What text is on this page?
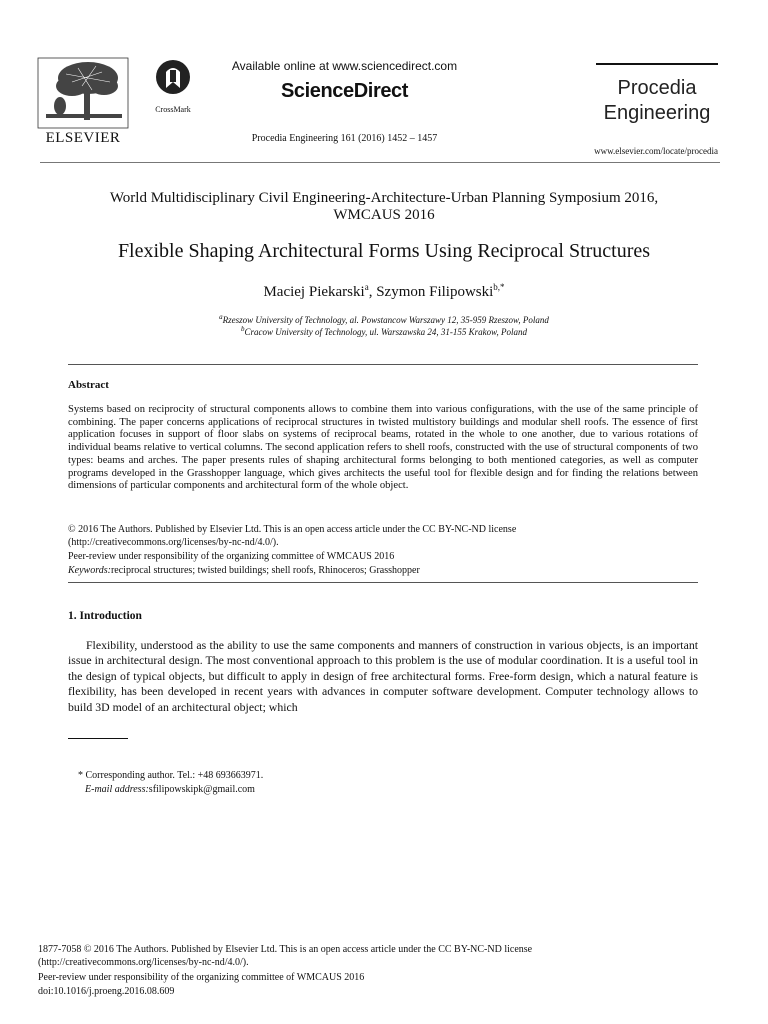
ELSEVIER
CrossMark
Available online at www.sciencedirect.com
ScienceDirect
Procedia Engineering 161 (2016) 1452 – 1457
Procedia
Engineering
www.elsevier.com/locate/procedia
World Multidisciplinary Civil Engineering-Architecture-Urban Planning Symposium 2016,
WMCAUS 2016
Flexible Shaping Architectural Forms Using Reciprocal Structures
Maciej Piekarski$^a$, Szymon Filipowski$^{b,*}$
$^a$Rzeszow University of Technology, al. Powstancow Warszawy 12, 35-959 Rzeszow, Poland
$^b$Cracow University of Technology, ul. Warszawska 24, 31-155 Krakow, Poland
Abstract
Systems based on reciprocity of structural components allows to combine them into various configurations, with the use of the same principle of combining. The paper concerns applications of reciprocal structures in twisted multistory buildings and modular shell roofs. The essence of first application focuses in support of floor slabs on systems of reciprocal beams, rotated in the whole to one another, due to various rotations of individual beams relative to vertical columns. The second application refers to shell roofs, constructed with the use of structural components of two types: beams and arches. The paper presents rules of shaping architectural forms belonging to both mentioned categories, as well as computer programs developed in the Grasshopper language, which gives architects the useful tool for flexible design and for finding the relations between dimensions of particular components and architectural form of the whole object.
© 2016 The Authors. Published by Elsevier Ltd. This is an open access article under the CC BY-NC-ND license
(http://creativecommons.org/licenses/by-nc-nd/4.0/).
Peer-review under responsibility of the organizing committee of WMCAUS 2016
Keywords:reciprocal structures; twisted buildings; shell roofs, Rhinoceros; Grasshopper
1. Introduction
Flexibility, understood as the ability to use the same components and manners of construction in various objects, is an important issue in architectural design. The most conventional approach to this problem is the use of modular coordination. It is a useful tool in the design of typical objects, but difficult to apply in design of free architectural forms. Free-form design, which a natural feature is flexibility, has been developed in recent years with advances in computer software development. Computer technology allows to build 3D model of an architectural object; which
* Corresponding author. Tel.: +48 693663971.
E-mail address:sfilipowskipk@gmail.com
1877-7058 © 2016 The Authors. Published by Elsevier Ltd. This is an open access article under the CC BY-NC-ND license
(http://creativecommons.org/licenses/by-nc-nd/4.0/).
Peer-review under responsibility of the organizing committee of WMCAUS 2016
doi:10.1016/j.proeng.2016.08.609
